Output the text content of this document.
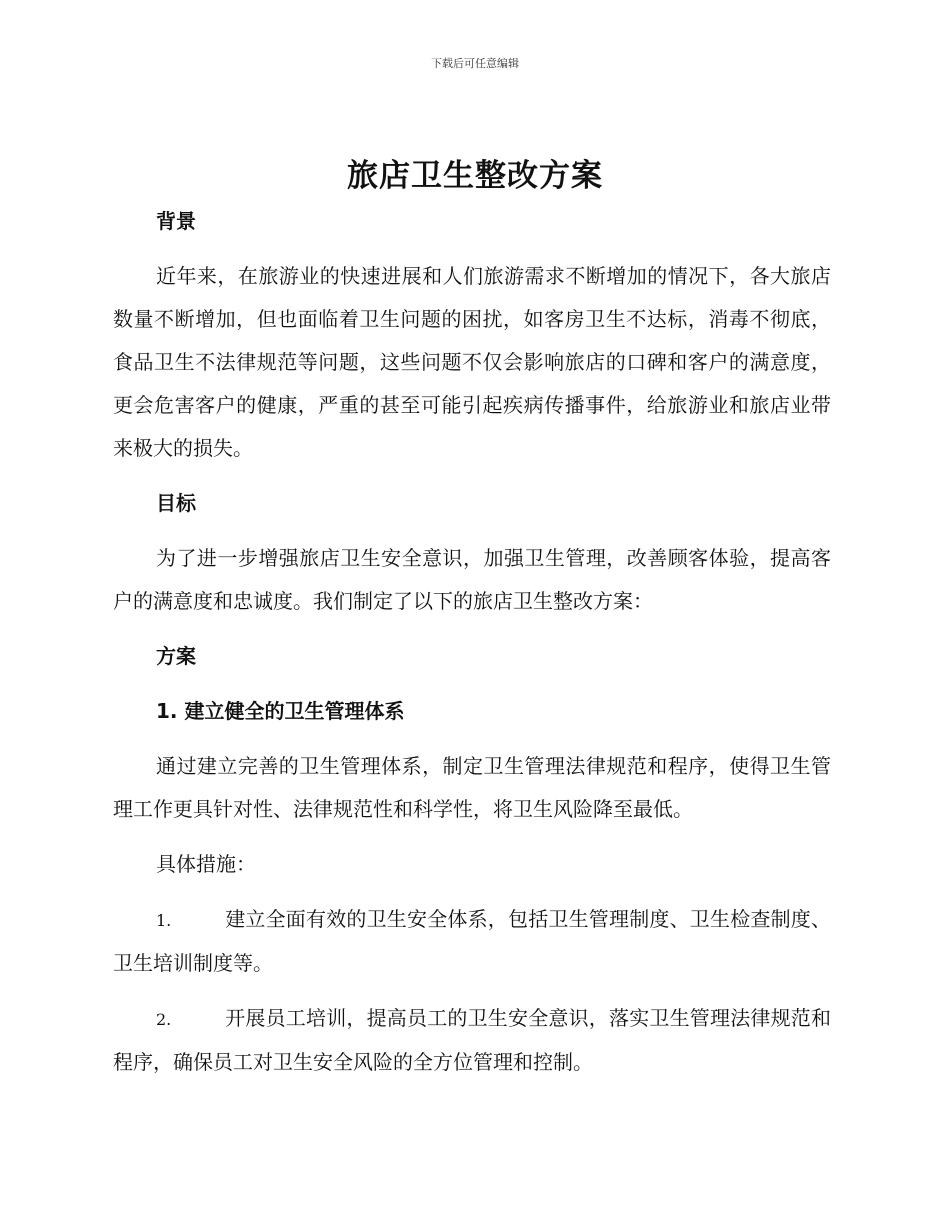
下载后可任意编辑
旅店卫生整改方案

背景

近年来，在旅游业的快速进展和人们旅游需求不断增加的情况下，各大旅店数量不断增加，但也面临着卫生问题的困扰，如客房卫生不达标，消毒不彻底，食品卫生不法律规范等问题，这些问题不仅会影响旅店的口碑和客户的满意度，更会危害客户的健康，严重的甚至可能引起疾病传播事件，给旅游业和旅店业带来极大的损失。

目标

为了进一步增强旅店卫生安全意识，加强卫生管理，改善顾客体验，提高客户的满意度和忠诚度。我们制定了以下的旅店卫生整改方案：

方案

1. 建立健全的卫生管理体系

通过建立完善的卫生管理体系，制定卫生管理法律规范和程序，使得卫生管理工作更具针对性、法律规范性和科学性，将卫生风险降至最低。

具体措施：

1.	建立全面有效的卫生安全体系，包括卫生管理制度、卫生检查制度、卫生培训制度等。

2.	开展员工培训，提高员工的卫生安全意识，落实卫生管理法律规范和程序，确保员工对卫生安全风险的全方位管理和控制。
